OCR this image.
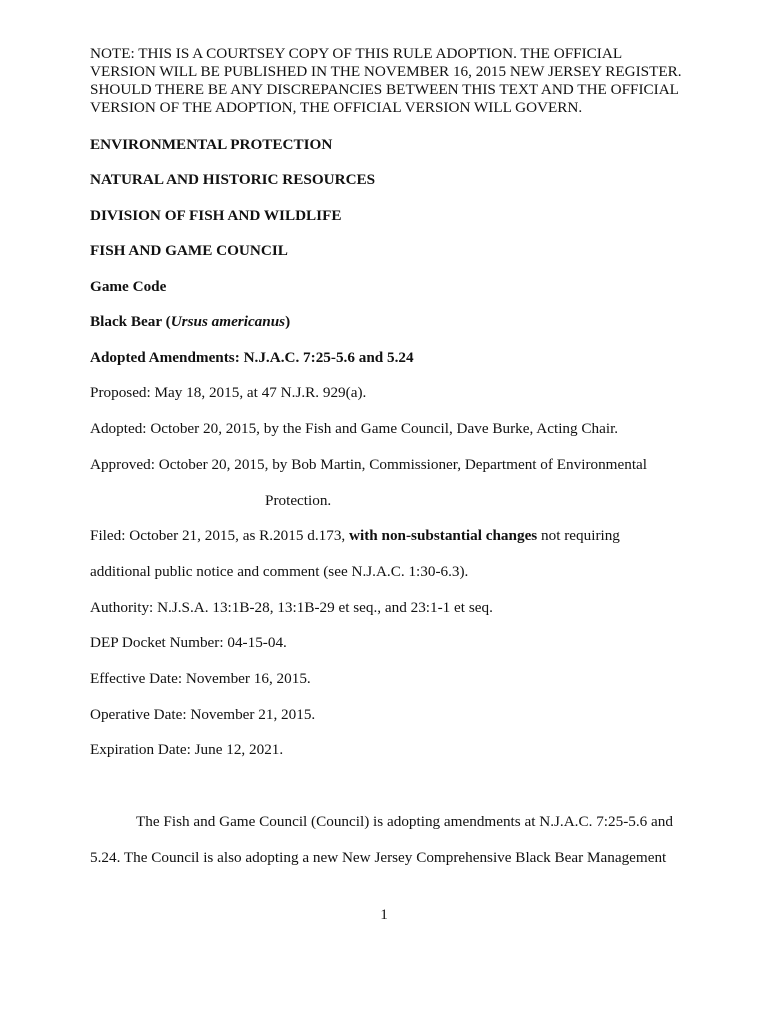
NOTE: THIS IS A COURTSEY COPY OF THIS RULE ADOPTION. THE OFFICIAL VERSION WILL BE PUBLISHED IN THE NOVEMBER 16, 2015 NEW JERSEY REGISTER. SHOULD THERE BE ANY DISCREPANCIES BETWEEN THIS TEXT AND THE OFFICIAL VERSION OF THE ADOPTION, THE OFFICIAL VERSION WILL GOVERN.

ENVIRONMENTAL PROTECTION

NATURAL AND HISTORIC RESOURCES

DIVISION OF FISH AND WILDLIFE

FISH AND GAME COUNCIL

Game Code

Black Bear (Ursus americanus)

Adopted Amendments: N.J.A.C. 7:25-5.6 and 5.24

Proposed: May 18, 2015, at 47 N.J.R. 929(a).

Adopted: October 20, 2015, by the Fish and Game Council, Dave Burke, Acting Chair.

Approved: October 20, 2015, by Bob Martin, Commissioner, Department of Environmental

Protection.

Filed: October 21, 2015, as R.2015 d.173, with non-substantial changes not requiring

additional public notice and comment (see N.J.A.C. 1:30-6.3).

Authority: N.J.S.A. 13:1B-28, 13:1B-29 et seq., and 23:1-1 et seq.

DEP Docket Number: 04-15-04.

Effective Date: November 16, 2015.

Operative Date: November 21, 2015.

Expiration Date: June 12, 2021.

The Fish and Game Council (Council) is adopting amendments at N.J.A.C. 7:25-5.6 and

5.24. The Council is also adopting a new New Jersey Comprehensive Black Bear Management

1
